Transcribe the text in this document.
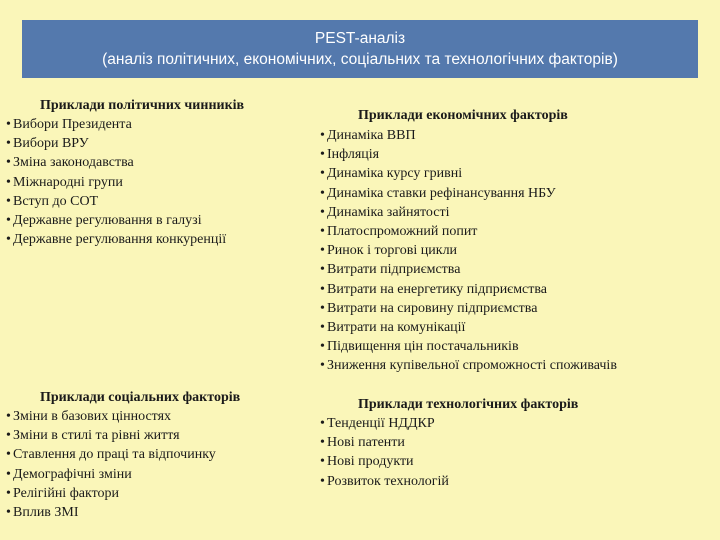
PEST-аналіз
(аналіз політичних, економічних, соціальних та технологічних факторів)
Приклади політичних чинників
• Вибори Президента
• Вибори ВРУ
• Зміна законодавства
• Міжнародні групи
• Вступ до СОТ
• Державне регулювання в галузі
• Державне регулювання конкуренції
Приклади економічних факторів
• Динаміка ВВП
• Інфляція
• Динаміка курсу гривні
• Динаміка ставки рефінансування НБУ
• Динаміка зайнятості
• Платоспроможний попит
• Ринок і торгові цикли
• Витрати підприємства
• Витрати на енергетику підприємства
• Витрати на сировину підприємства
• Витрати на комунікації
• Підвищення цін постачальників
• Зниження купівельної спроможності споживачів
Приклади соціальних факторів
• Зміни в базових цінностях
• Зміни в стилі та рівні життя
• Ставлення до праці та відпочинку
• Демографічні зміни
• Релігійні фактори
• Вплив ЗМІ
Приклади технологічних факторів
• Тенденції НДДКР
• Нові патенти
• Нові продукти
• Розвиток технологій
